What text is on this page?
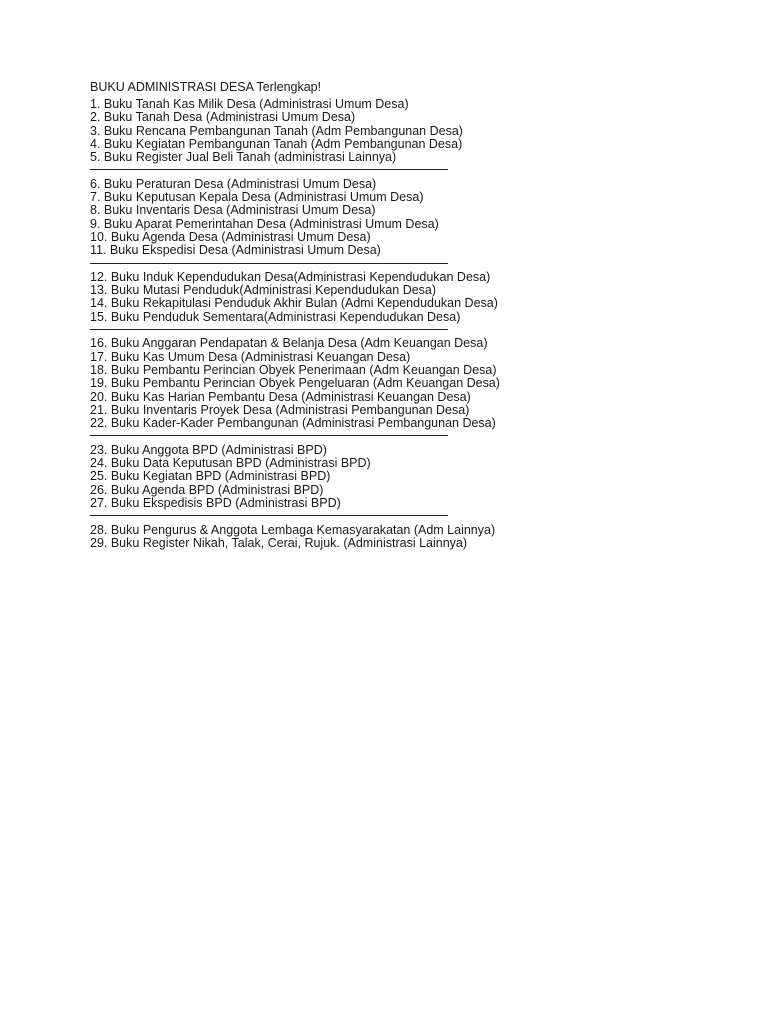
BUKU ADMINISTRASI DESA Terlengkap!
1. Buku Tanah Kas Milik Desa (Administrasi Umum Desa)
2. Buku Tanah Desa (Administrasi Umum Desa)
3. Buku Rencana Pembangunan Tanah (Adm Pembangunan Desa)
4. Buku Kegiatan Pembangunan Tanah (Adm Pembangunan Desa)
5. Buku Register Jual Beli Tanah (administrasi Lainnya)
6. Buku Peraturan Desa (Administrasi Umum Desa)
7. Buku Keputusan Kepala Desa (Administrasi Umum Desa)
8. Buku Inventaris Desa (Administrasi Umum Desa)
9. Buku Aparat Pemerintahan Desa (Administrasi Umum Desa)
10. Buku Agenda Desa (Administrasi Umum Desa)
11. Buku Ekspedisi Desa (Administrasi Umum Desa)
12. Buku Induk Kependudukan Desa(Administrasi Kependudukan Desa)
13. Buku Mutasi Penduduk(Administrasi Kependudukan Desa)
14. Buku Rekapitulasi Penduduk Akhir Bulan (Admi Kependudukan Desa)
15. Buku Penduduk Sementara(Administrasi Kependudukan Desa)
16. Buku Anggaran Pendapatan & Belanja Desa (Adm Keuangan Desa)
17. Buku Kas Umum Desa (Administrasi Keuangan Desa)
18. Buku Pembantu Perincian Obyek Penerimaan (Adm Keuangan Desa)
19. Buku Pembantu Perincian Obyek Pengeluaran (Adm Keuangan Desa)
20. Buku Kas Harian Pembantu Desa (Administrasi Keuangan Desa)
21. Buku Inventaris Proyek Desa (Administrasi Pembangunan Desa)
22. Buku Kader-Kader Pembangunan (Administrasi Pembangunan Desa)
23. Buku Anggota BPD (Administrasi BPD)
24. Buku Data Keputusan BPD (Administrasi BPD)
25. Buku Kegiatan BPD (Administrasi BPD)
26. Buku Agenda BPD (Administrasi BPD)
27. Buku Ekspedisis BPD (Administrasi BPD)
28. Buku Pengurus & Anggota Lembaga Kemasyarakatan (Adm Lainnya)
29. Buku Register Nikah, Talak, Cerai, Rujuk. (Administrasi Lainnya)
